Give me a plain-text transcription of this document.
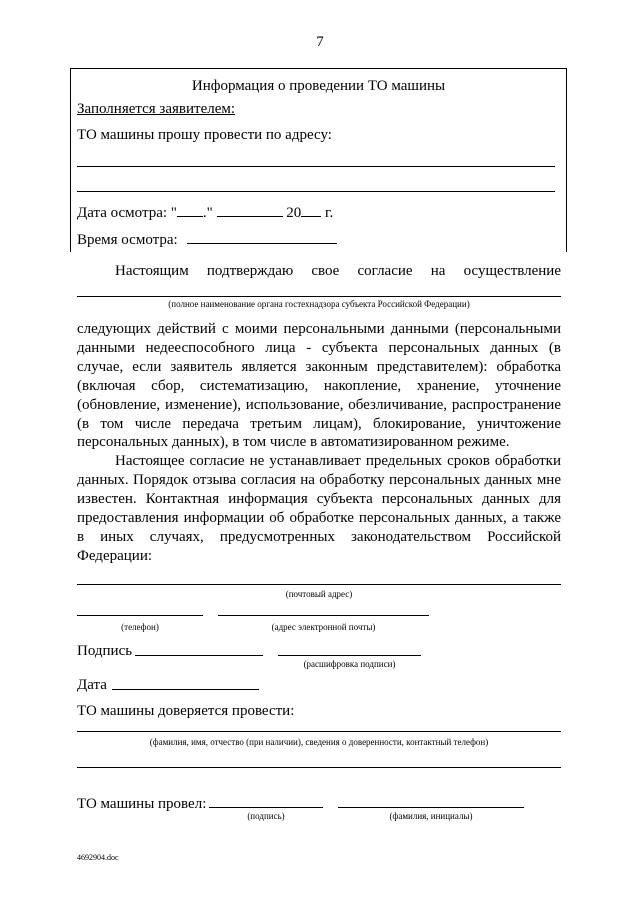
7
Информация о проведении ТО машины
Заполняется заявителем:
ТО машины прошу провести по адресу:
Дата осмотра: " ."	20 г.
Время осмотра:
Настоящим подтверждаю свое согласие на осуществление
(полное наименование органа гостехнадзора субъекта Российской Федерации)

следующих действий с моими персональными данными (персональными данными недееспособного лица - субъекта персональных данных (в случае, если заявитель является законным представителем): обработка (включая сбор, систематизацию, накопление, хранение, уточнение (обновление, изменение), использование, обезличивание, распространение (в том числе передача третьим лицам), блокирование, уничтожение персональных данных), в том числе в автоматизированном режиме.

Настоящее согласие не устанавливает предельных сроков обработки данных. Порядок отзыва согласия на обработку персональных данных мне известен. Контактная информация субъекта персональных данных для предоставления информации об обработке персональных данных, а также в иных случаях, предусмотренных законодательством Российской Федерации:

(почтовый адрес)
(телефон)	(адрес электронной почты)
Подпись
(расшифровка подписи)
Дата
ТО машины доверяется провести:
(фамилия, имя, отчество (при наличии), сведения о доверенности, контактный телефон)
ТО машины провел:
(подпись)	(фамилия, инициалы)
4692904.doc
